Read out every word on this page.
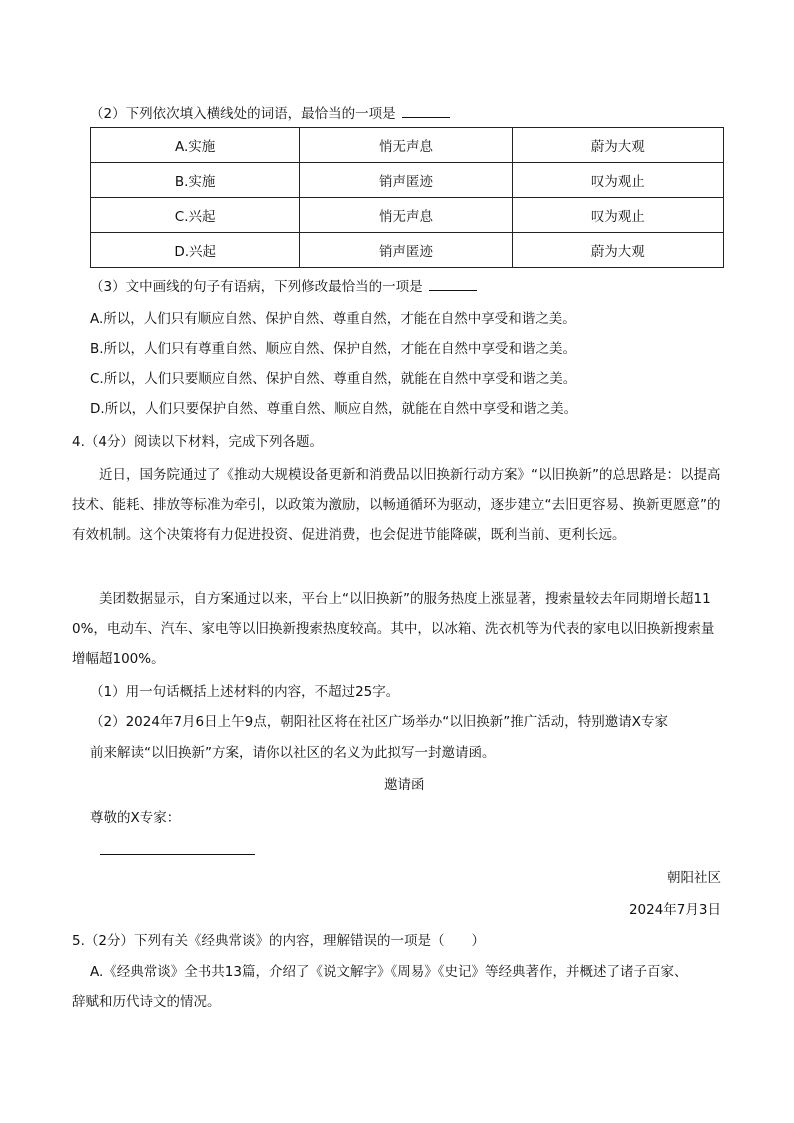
（2）下列依次填入横线处的词语，最恰当的一项是
A.实施	悄无声息	蔚为大观
B.实施	销声匿迹	叹为观止
C.兴起	悄无声息	叹为观止
D.兴起	销声匿迹	蔚为大观
（3）文中画线的句子有语病，下列修改最恰当的一项是
A.所以，人们只有顺应自然、保护自然、尊重自然，才能在自然中享受和谐之美。
B.所以，人们只有尊重自然、顺应自然、保护自然，才能在自然中享受和谐之美。
C.所以，人们只要顺应自然、保护自然、尊重自然，就能在自然中享受和谐之美。
D.所以，人们只要保护自然、尊重自然、顺应自然，就能在自然中享受和谐之美。
4.（4分）阅读以下材料，完成下列各题。
近日，国务院通过了《推动大规模设备更新和消费品以旧换新行动方案》“以旧换新”的总思路是：以提高技术、能耗、排放等标准为牵引，以政策为激励，以畅通循环为驱动，逐步建立“去旧更容易、换新更愿意”的有效机制。这个决策将有力促进投资、促进消费，也会促进节能降碳，既利当前、更利长远。
美团数据显示，自方案通过以来，平台上“以旧换新”的服务热度上涨显著，搜索量较去年同期增长超110%，电动车、汽车、家电等以旧换新搜索热度较高。其中，以冰箱、洗衣机等为代表的家电以旧换新搜索量增幅超100%。
（1）用一句话概括上述材料的内容，不超过25字。
（2）2024年7月6日上午9点，朝阳社区将在社区广场举办“以旧换新”推广活动，特别邀请X专家
前来解读“以旧换新”方案，请你以社区的名义为此拟写一封邀请函。
邀请函
尊敬的X专家：
朝阳社区
2024年7月3日
5.（2分）下列有关《经典常谈》的内容，理解错误的一项是（　　）
A.《经典常谈》全书共13篇，介绍了《说文解字》《周易》《史记》等经典著作，并概述了诸子百家、
辞赋和历代诗文的情况。
